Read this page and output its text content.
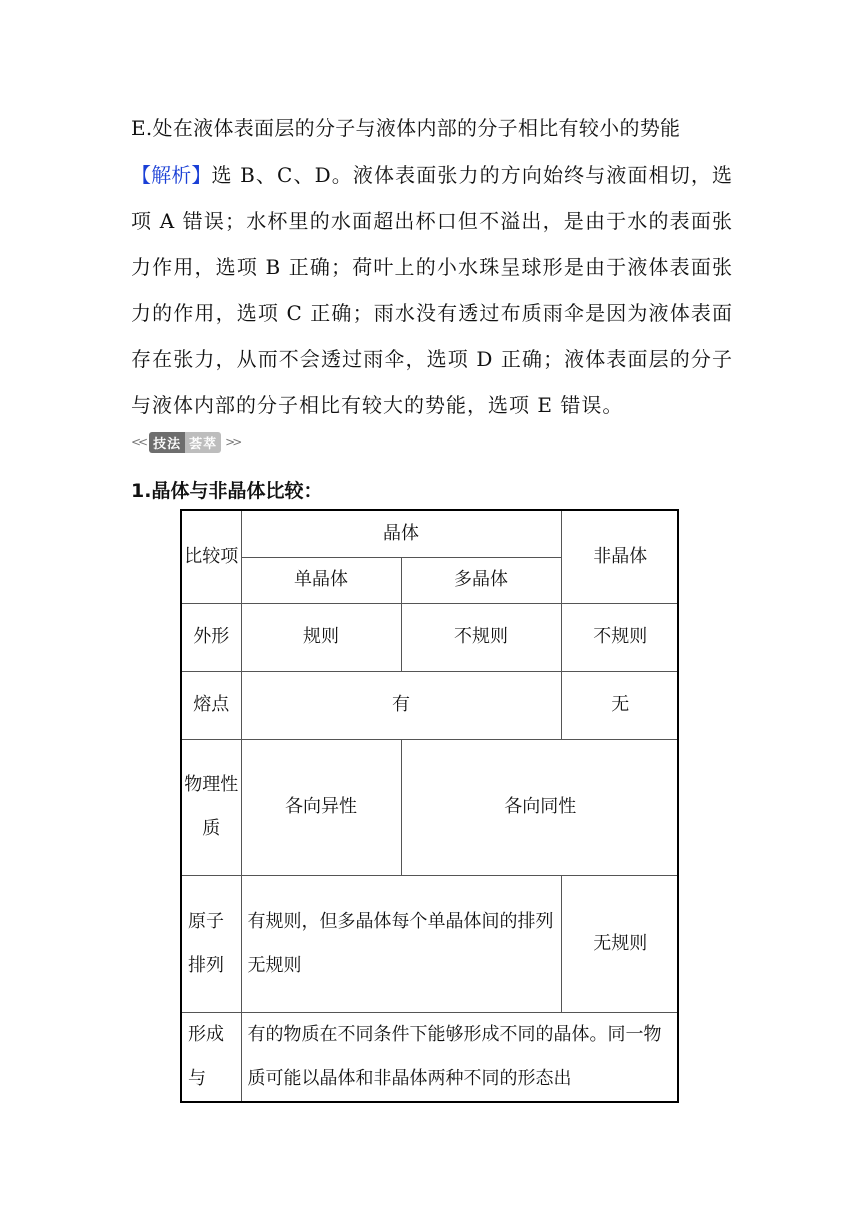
E.处在液体表面层的分子与液体内部的分子相比有较小的势能

【解析】选 B、C、D。液体表面张力的方向始终与液面相切，选项 A 错误；水杯里的水面超出杯口但不溢出，是由于水的表面张力作用，选项 B 正确；荷叶上的小水珠呈球形是由于液体表面张力的作用，选项 C 正确；雨水没有透过布质雨伞是因为液体表面存在张力，从而不会透过雨伞，选项 D 正确；液体表面层的分子与液体内部的分子相比有较大的势能，选项 E 错误。

<< 技法 荟萃 >>
1.晶体与非晶体比较：
比较项	晶体		非晶体
	单晶体	多晶体	
外形	规则	不规则	不规则
熔点	有		无
物理性质	各向异性	各向同性	
原子排列	有规则，但多晶体每个单晶体间的排列无规则		无规则
形成与	有的物质在不同条件下能够形成不同的晶体。同一物质可能以晶体和非晶体两种不同的形态出		
